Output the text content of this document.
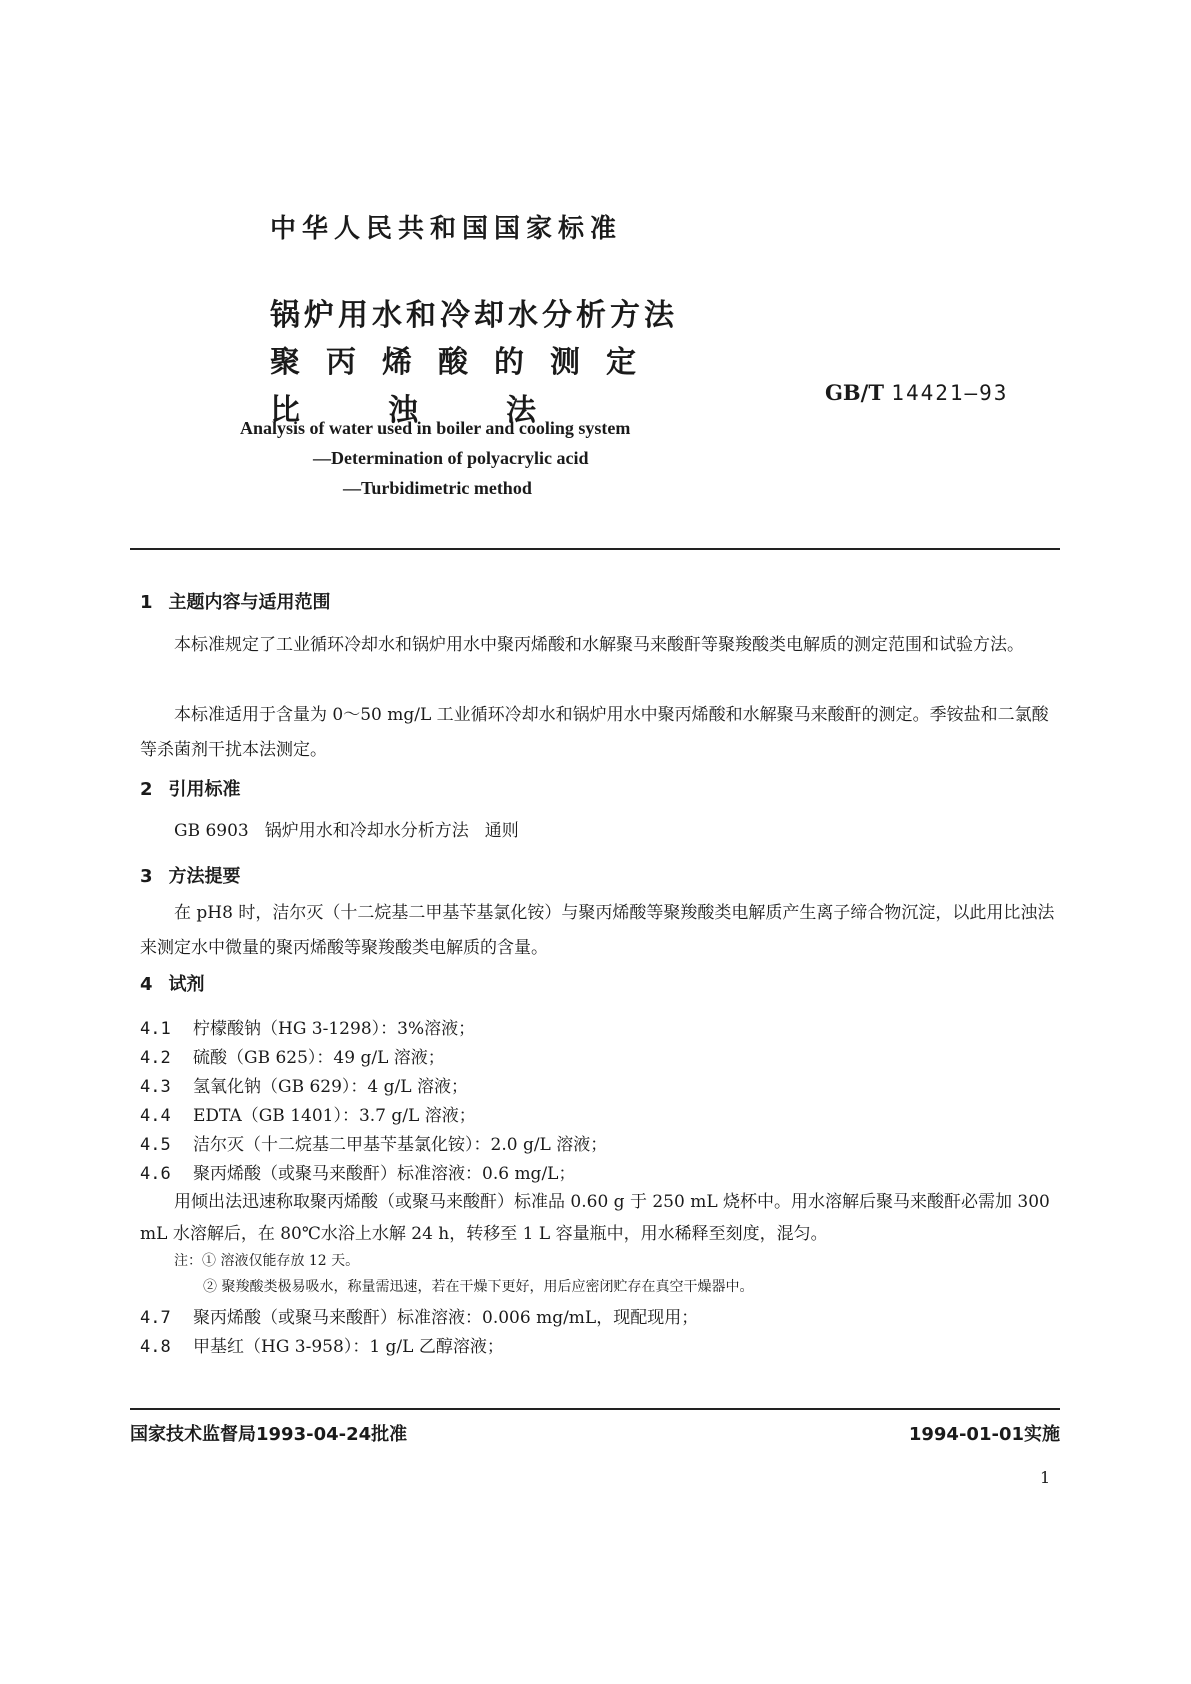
中华人民共和国国家标准
锅炉用水和冷却水分析方法
聚丙烯酸的测定
比	浊	法
GB/T 14421—93
Analysis of water used in boiler and cooling system
—Determination of polyacrylic acid
—Turbidimetric method
1 主题内容与适用范围
本标准规定了工业循环冷却水和锅炉用水中聚丙烯酸和水解聚马来酸酐等聚羧酸类电解质的测定范围和试验方法。
本标准适用于含量为 0～50 mg/L 工业循环冷却水和锅炉用水中聚丙烯酸和水解聚马来酸酐的测定。季铵盐和二氯酸等杀菌剂干扰本法测定。
2 引用标准
GB 6903 锅炉用水和冷却水分析方法 通则
3 方法提要
在 pH8 时，洁尔灭（十二烷基二甲基苄基氯化铵）与聚丙烯酸等聚羧酸类电解质产生离子缔合物沉淀，以此用比浊法来测定水中微量的聚丙烯酸等聚羧酸类电解质的含量。
4 试剂
4.1 柠檬酸钠（HG 3-1298）：3%溶液；
4.2 硫酸（GB 625）：49 g/L 溶液；
4.3 氢氧化钠（GB 629）：4 g/L 溶液；
4.4 EDTA（GB 1401）：3.7 g/L 溶液；
4.5 洁尔灭（十二烷基二甲基苄基氯化铵）：2.0 g/L 溶液；
4.6 聚丙烯酸（或聚马来酸酐）标准溶液：0.6 mg/L；
用倾出法迅速称取聚丙烯酸（或聚马来酸酐）标准品 0.60 g 于 250 mL 烧杯中。用水溶解后聚马来酸酐必需加 300 mL 水溶解后，在 80℃水浴上水解 24 h，转移至 1 L 容量瓶中，用水稀释至刻度，混匀。
注：① 溶液仅能存放 12 天。
② 聚羧酸类极易吸水，称量需迅速，若在干燥下更好，用后应密闭贮存在真空干燥器中。
4.7 聚丙烯酸（或聚马来酸酐）标准溶液：0.006 mg/mL，现配现用；
4.8 甲基红（HG 3-958）：1 g/L 乙醇溶液；
国家技术监督局1993-04-24批准	1994-01-01实施
1
